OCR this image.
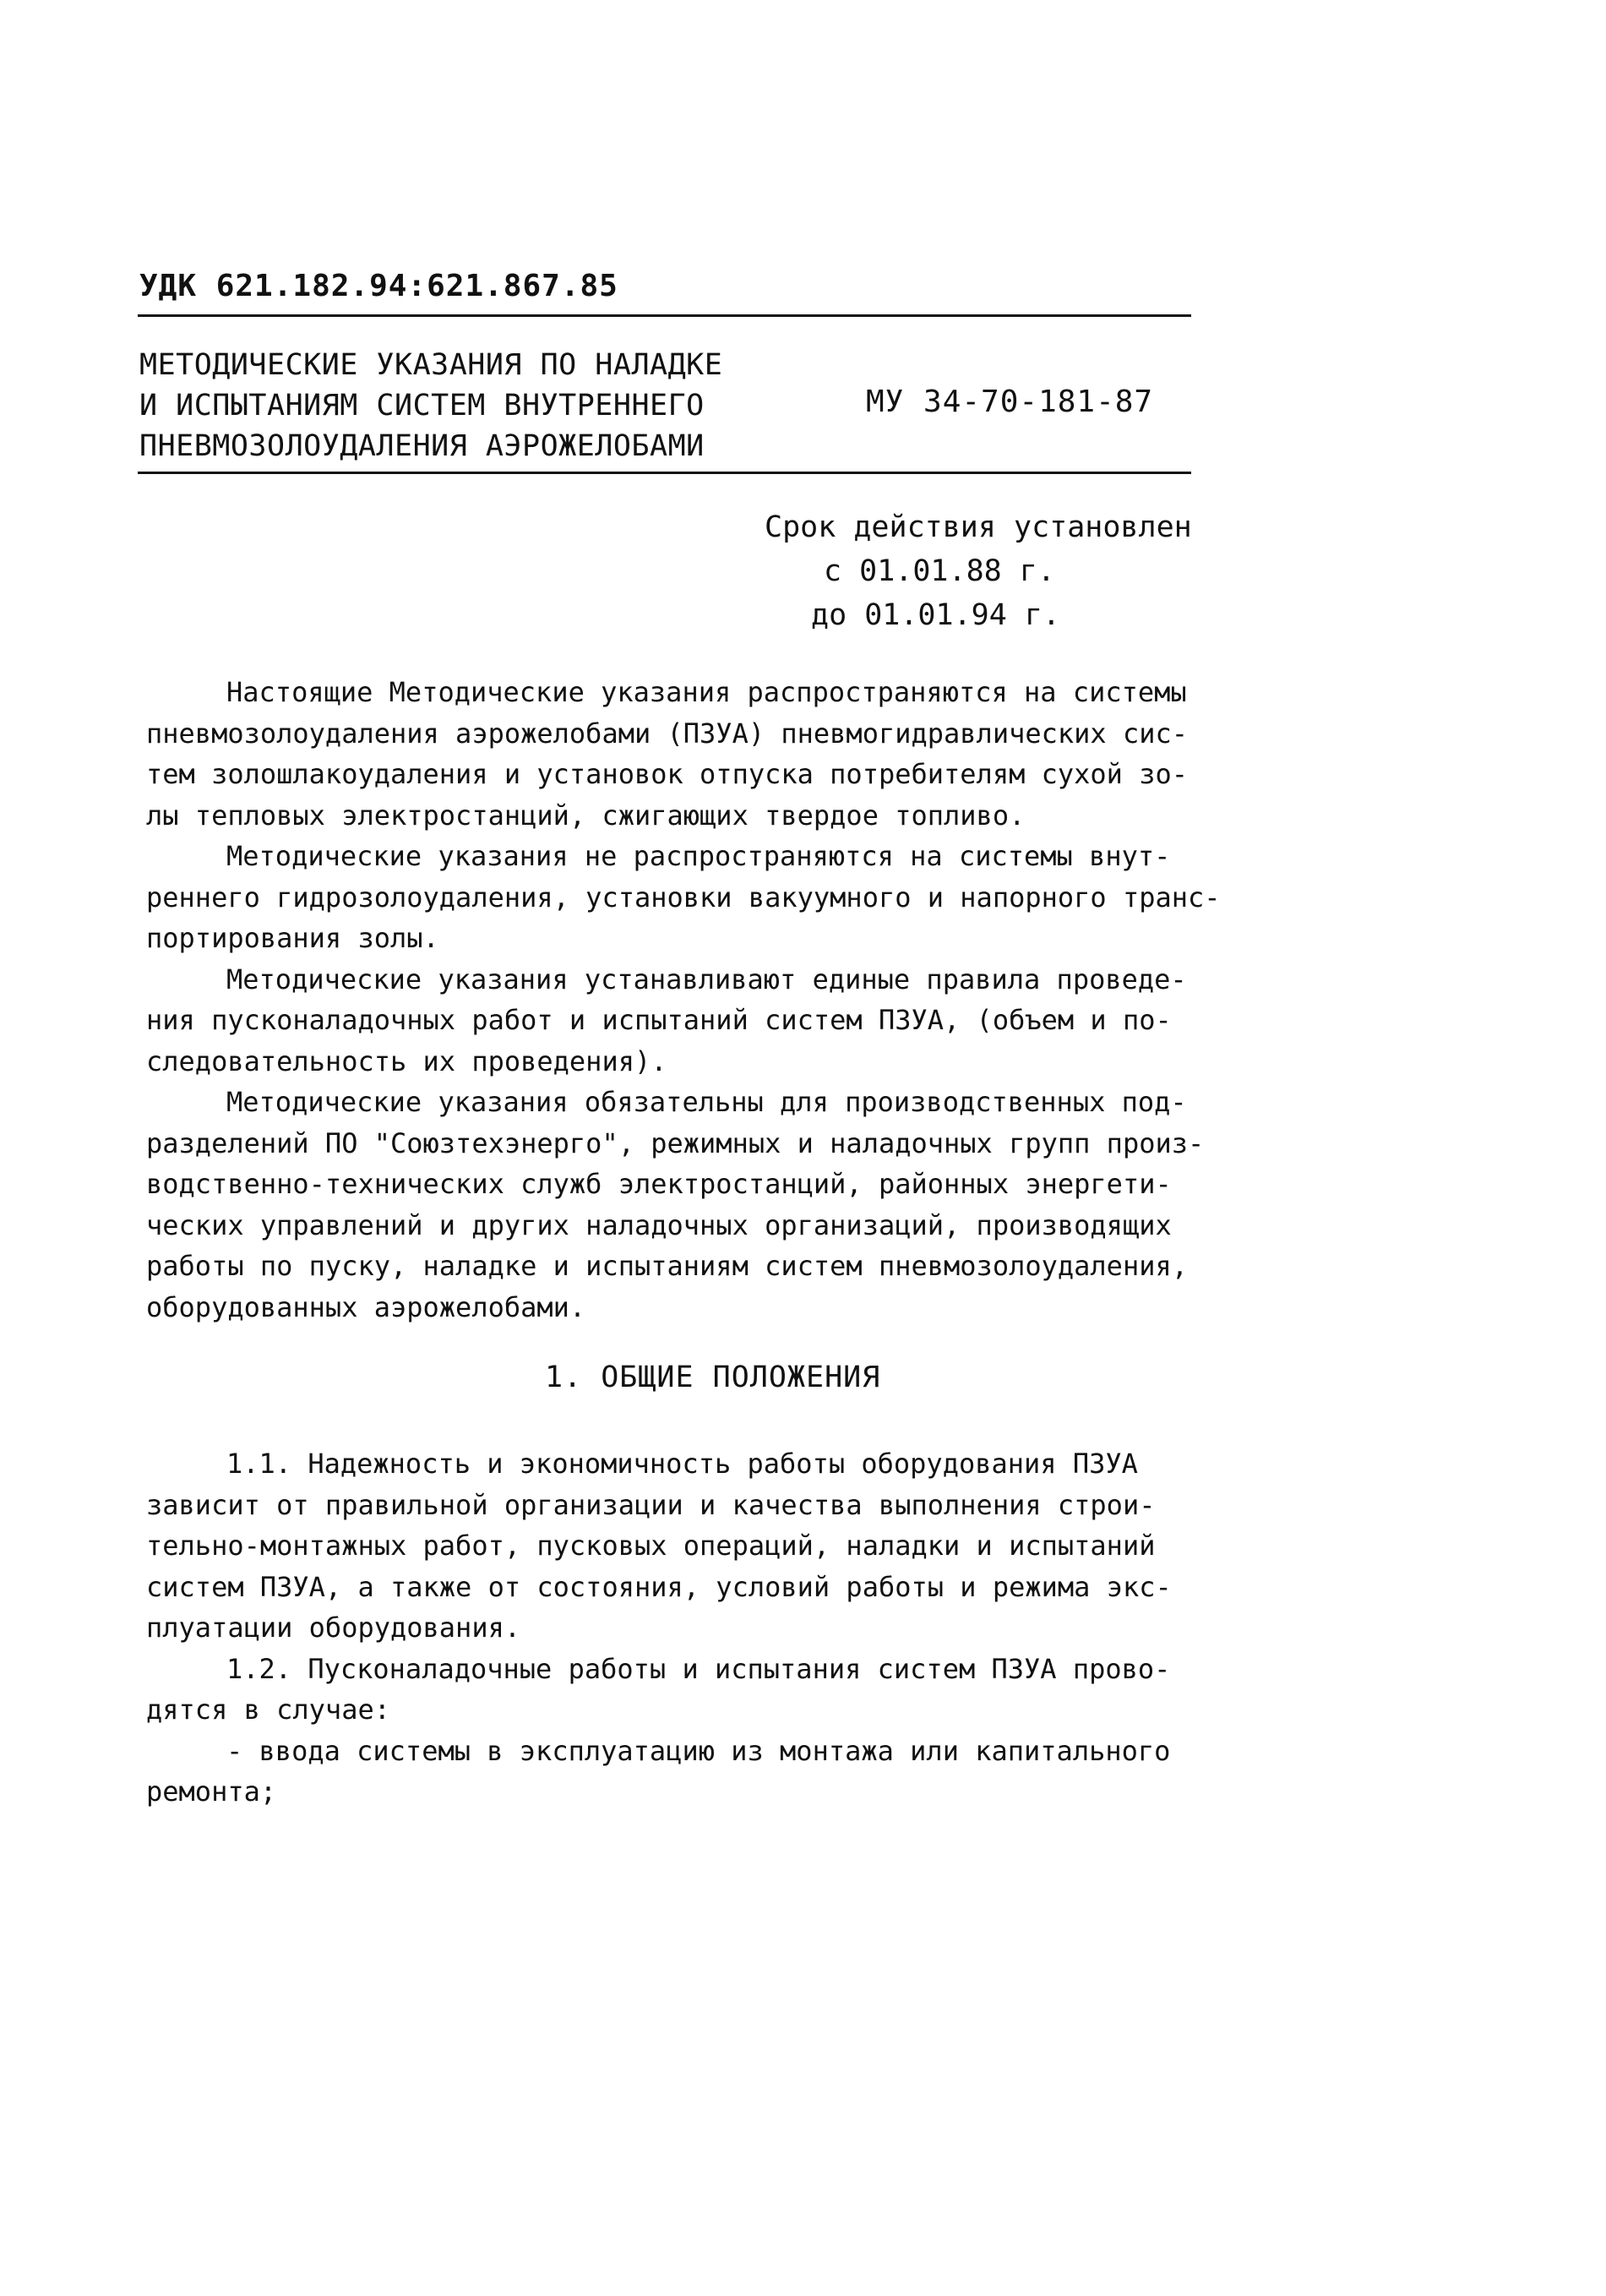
УДК 621.182.94:621.867.85
МЕТОДИЧЕСКИЕ УКАЗАНИЯ ПО НАЛАДКЕ
И ИСПЫТАНИЯМ СИСТЕМ ВНУТРЕННЕГО
ПНЕВМОЗОЛОУДАЛЕНИЯ АЭРОЖЕЛОБАМИ
МУ 34-70-181-87
Срок действия установлен
с 01.01.88 г.
до 01.01.94 г.
Настоящие Методические указания распространяются на системы
пневмозолоудаления аэрожелобами (ПЗУА) пневмогидравлических сис-
тем золошлакоудаления и установок отпуска потребителям сухой зо-
лы тепловых электростанций, сжигающих твердое топливо.
Методические указания не распространяются на системы внут-
реннего гидрозолоудаления, установки вакуумного и напорного транс-
портирования золы.
Методические указания устанавливают единые правила проведе-
ния пусконаладочных работ и испытаний систем ПЗУА, (объем и по-
следовательность их проведения).
Методические указания обязательны для производственных под-
разделений ПО "Союзтехэнерго", режимных и наладочных групп произ-
водственно-технических служб электростанций, районных энергети-
ческих управлений и других наладочных организаций, производящих
работы по пуску, наладке и испытаниям систем пневмозолоудаления,
оборудованных аэрожелобами.
1. ОБЩИЕ ПОЛОЖЕНИЯ
1.1. Надежность и экономичность работы оборудования ПЗУА
зависит от правильной организации и качества выполнения строи-
тельно-монтажных работ, пусковых операций, наладки и испытаний
систем ПЗУА, а также от состояния, условий работы и режима экс-
плуатации оборудования.
1.2. Пусконаладочные работы и испытания систем ПЗУА прово-
дятся в случае:
- ввода системы в эксплуатацию из монтажа или капитального
ремонта;
